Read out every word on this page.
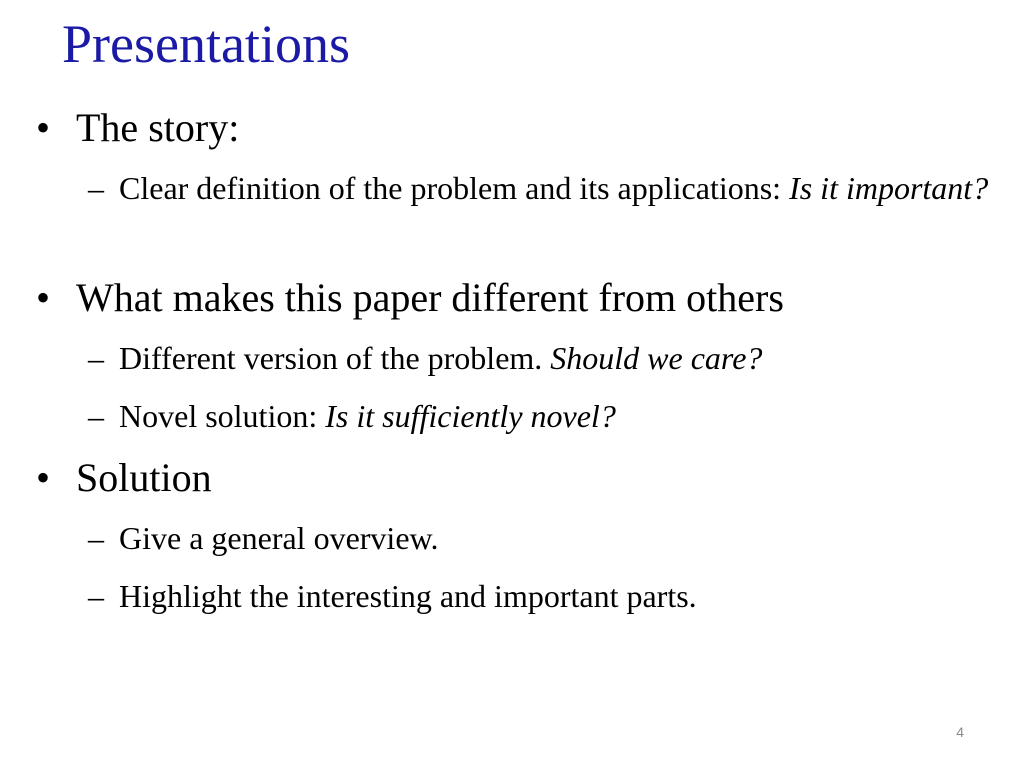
Presentations
• The story:
– Clear definition of the problem and its applications: Is it important?
• What makes this paper different from others
– Different version of the problem. Should we care?
– Novel solution: Is it sufficiently novel?
• Solution
– Give a general overview.
– Highlight the interesting and important parts.
4
